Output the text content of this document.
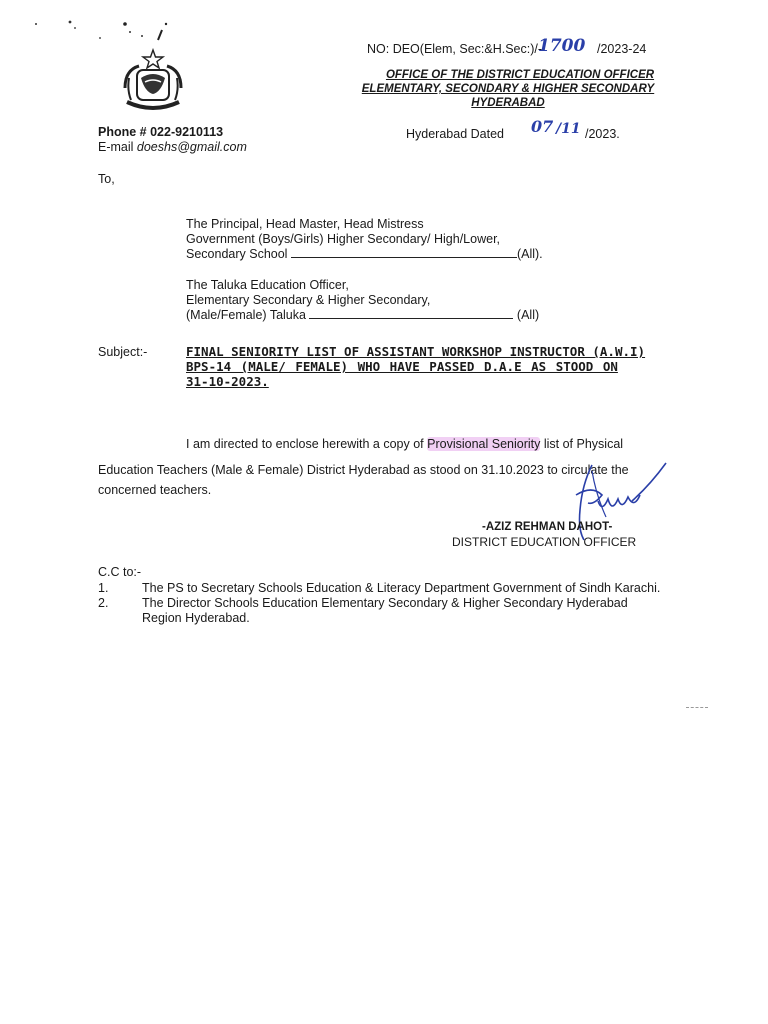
NO: DEO(Elem, Sec:&H.Sec:)/-
1700 /2023-24
OFFICE OF THE DISTRICT EDUCATION OFFICER
ELEMENTARY, SECONDARY & HIGHER SECONDARY
HYDERABAD
Phone # 022-9210113
E-mail doeshs@gmail.com
Hyderabad Dated 07 /11 /2023.
To,
The Principal, Head Master, Head Mistress
Government (Boys/Girls) Higher Secondary/ High/Lower,
Secondary School	(All).
The Taluka Education Officer,
Elementary Secondary & Higher Secondary,
(Male/Female) Taluka	(All)
Subject:-	FINAL SENIORITY LIST OF ASSISTANT WORKSHOP INSTRUCTOR (A.W.I)
BPS-14 (MALE/ FEMALE) WHO HAVE PASSED D.A.E AS STOOD ON
31-10-2023.
I am directed to enclose herewith a copy of Provisional Seniority list of Physical
Education Teachers (Male & Female) District Hyderabad as stood on 31.10.2023 to circulate the
concerned teachers.
-AZIZ REHMAN DAHOT-
DISTRICT EDUCATION OFFICER
C.C to:-
1.	The PS to Secretary Schools Education & Literacy Department Government of Sindh Karachi.
2.	The Director Schools Education Elementary Secondary & Higher Secondary Hyderabad
Region Hyderabad.
